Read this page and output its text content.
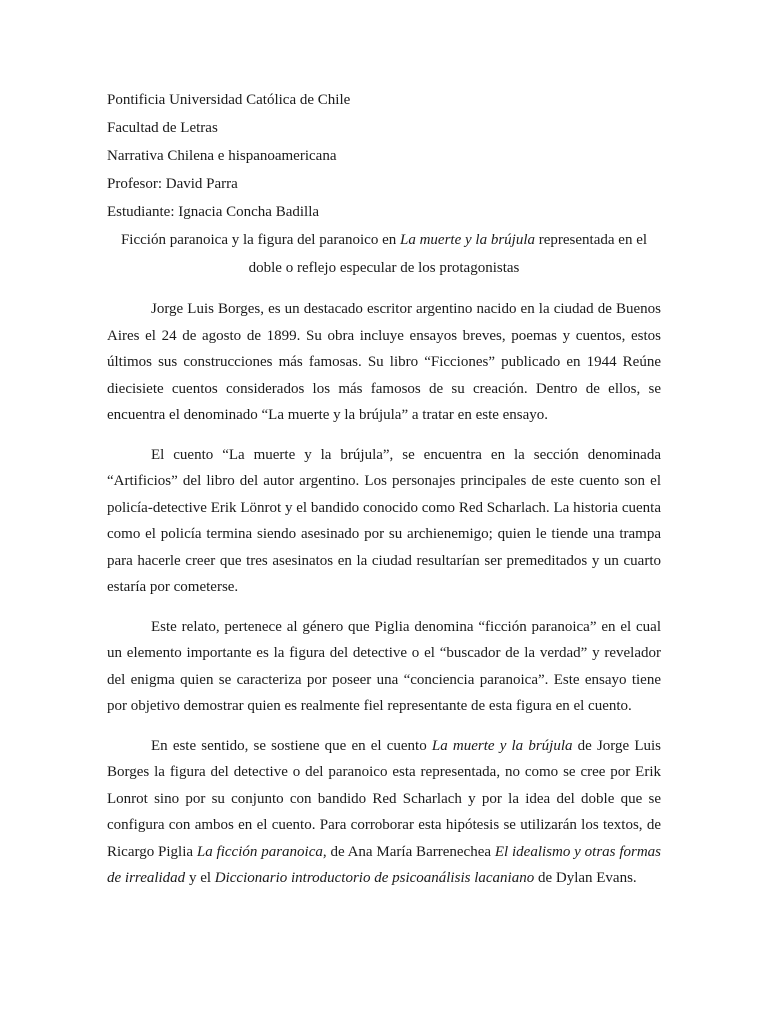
Pontificia Universidad Católica de Chile

Facultad de Letras

Narrativa Chilena e hispanoamericana

Profesor: David Parra

Estudiante: Ignacia Concha Badilla

Ficción paranoica y la figura del paranoico en La muerte y la brújula representada en el
doble o reflejo especular de los protagonistas

Jorge Luis Borges, es un destacado escritor argentino nacido en la ciudad de Buenos Aires el 24 de agosto de 1899. Su obra incluye ensayos breves, poemas y cuentos, estos últimos sus construcciones más famosas. Su libro “Ficciones” publicado en 1944 Reúne diecisiete cuentos considerados los más famosos de su creación. Dentro de ellos, se encuentra el denominado “La muerte y la brújula” a tratar en este ensayo.

El cuento “La muerte y la brújula”, se encuentra en la sección denominada “Artificios” del libro del autor argentino. Los personajes principales de este cuento son el policía-detective Erik Lönrot y el bandido conocido como Red Scharlach. La historia cuenta como el policía termina siendo asesinado por su archienemigo; quien le tiende una trampa para hacerle creer que tres asesinatos en la ciudad resultarían ser premeditados y un cuarto estaría por cometerse.

Este relato, pertenece al género que Piglia denomina “ficción paranoica” en el cual un elemento importante es la figura del detective o el “buscador de la verdad” y revelador del enigma quien se caracteriza por poseer una “conciencia paranoica”. Este ensayo tiene por objetivo demostrar quien es realmente fiel representante de esta figura en el cuento.

En este sentido, se sostiene que en el cuento La muerte y la brújula de Jorge Luis Borges la figura del detective o del paranoico esta representada, no como se cree por Erik Lonrot sino por su conjunto con bandido Red Scharlach y por la idea del doble que se configura con ambos en el cuento. Para corroborar esta hipótesis se utilizarán los textos, de Ricargo Piglia La ficción paranoica, de Ana María Barrenechea El idealismo y otras formas de irrealidad y el Diccionario introductorio de psicoanálisis lacaniano de Dylan Evans.
